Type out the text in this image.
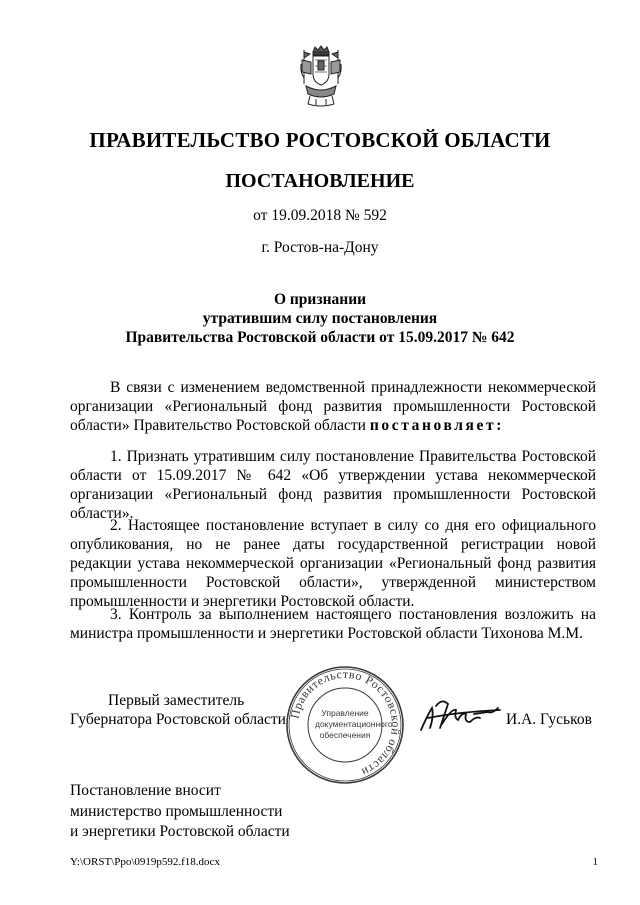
ПРАВИТЕЛЬСТВО РОСТОВСКОЙ ОБЛАСТИ
ПОСТАНОВЛЕНИЕ
от 19.09.2018 № 592
г. Ростов-на-Дону
О признании
утратившим силу постановления
Правительства Ростовской области от 15.09.2017 № 642
В связи с изменением ведомственной принадлежности некоммерческой организации «Региональный фонд развития промышленности Ростовской области» Правительство Ростовской области постановляет:
1. Признать утратившим силу постановление Правительства Ростовской области от 15.09.2017 № 642 «Об утверждении устава некоммерческой организации «Региональный фонд развития промышленности Ростовской области».
2. Настоящее постановление вступает в силу со дня его официального опубликования, но не ранее даты государственной регистрации новой редакции устава некоммерческой организации «Региональный фонд развития промышленности Ростовской области», утвержденной министерством промышленности и энергетики Ростовской области.
3. Контроль за выполнением настоящего постановления возложить на министра промышленности и энергетики Ростовской области Тихонова М.М.
Первый заместитель
Губернатора Ростовской области Правительство Ростовской области
Управление документационного обеспечения
И.А. Гуськов
Постановление вносит
министерство промышленности
и энергетики Ростовской области
Y:\ORST\Ppo\0919p592.f18.docx	1
